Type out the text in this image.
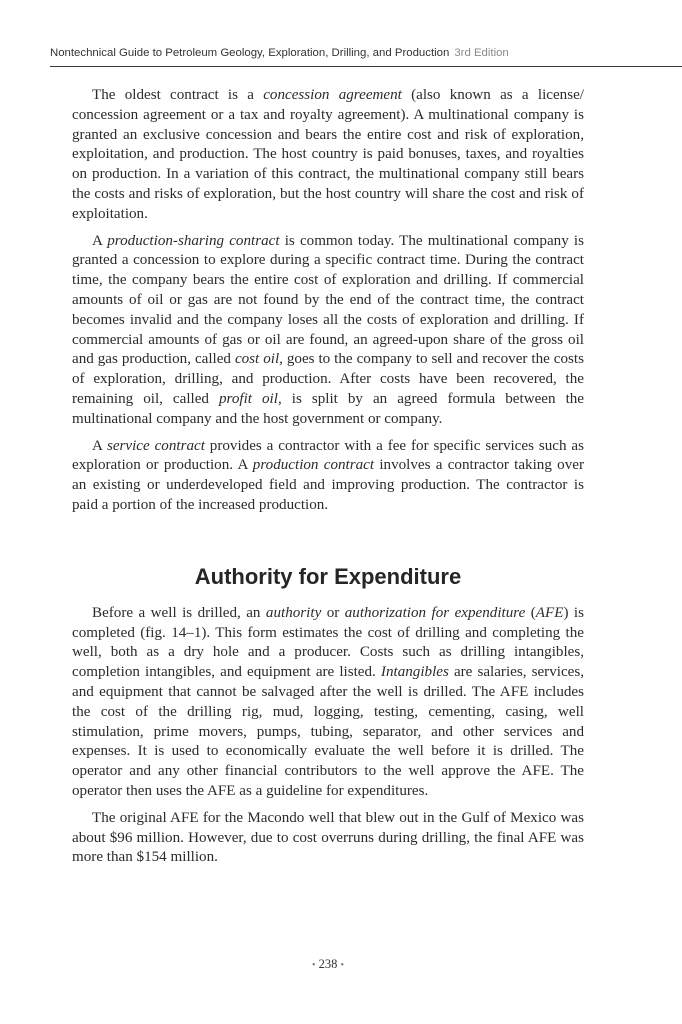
Nontechnical Guide to Petroleum Geology, Exploration, Drilling, and Production 3rd Edition

The oldest contract is a concession agreement (also known as a license/ concession agreement or a tax and royalty agreement). A multinational company is granted an exclusive concession and bears the entire cost and risk of exploration, exploitation, and production. The host country is paid bonuses, taxes, and royalties on production. In a variation of this contract, the multinational company still bears the costs and risks of exploration, but the host country will share the cost and risk of exploitation.

A production-sharing contract is common today. The multinational company is granted a concession to explore during a specific contract time. During the contract time, the company bears the entire cost of exploration and drilling. If commercial amounts of oil or gas are not found by the end of the contract time, the contract becomes invalid and the company loses all the costs of exploration and drilling. If commercial amounts of gas or oil are found, an agreed-upon share of the gross oil and gas production, called cost oil, goes to the company to sell and recover the costs of exploration, drilling, and production. After costs have been recovered, the remaining oil, called profit oil, is split by an agreed formula between the multinational company and the host government or company.

A service contract provides a contractor with a fee for specific services such as exploration or production. A production contract involves a contractor taking over an existing or underdeveloped field and improving production. The contractor is paid a portion of the increased production.

Authority for Expenditure

Before a well is drilled, an authority or authorization for expenditure (AFE) is completed (fig. 14–1). This form estimates the cost of drilling and completing the well, both as a dry hole and a producer. Costs such as drilling intangibles, completion intangibles, and equipment are listed. Intangibles are salaries, services, and equipment that cannot be salvaged after the well is drilled. The AFE includes the cost of the drilling rig, mud, logging, testing, cementing, casing, well stimulation, prime movers, pumps, tubing, separator, and other services and expenses. It is used to economically evaluate the well before it is drilled. The operator and any other financial contributors to the well approve the AFE. The operator then uses the AFE as a guideline for expenditures.

The original AFE for the Macondo well that blew out in the Gulf of Mexico was about $96 million. However, due to cost overruns during drilling, the final AFE was more than $154 million.

• 238 •
